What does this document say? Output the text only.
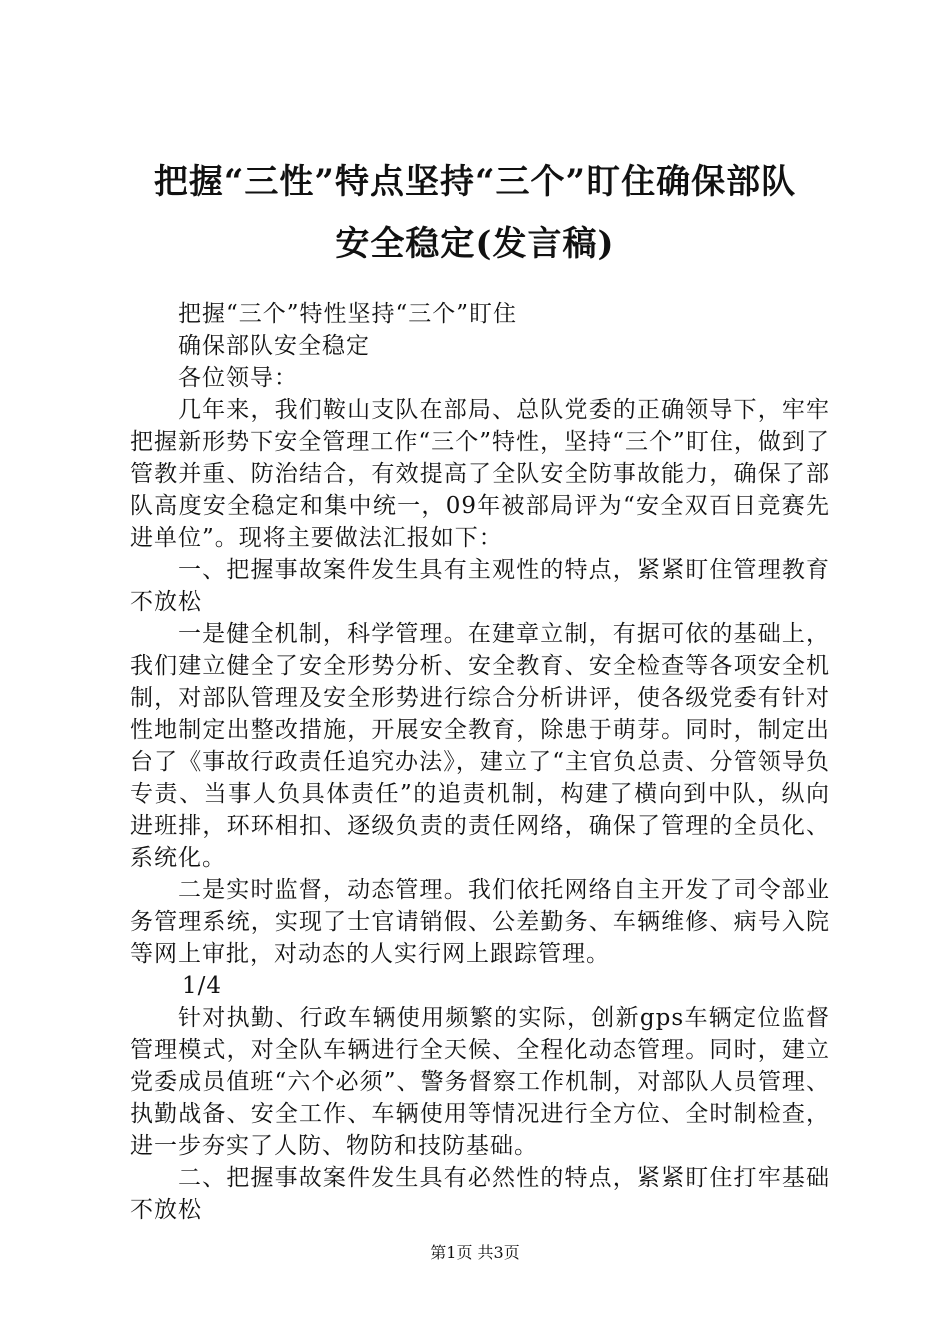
把握“三性”特点坚持“三个”盯住确保部队
安全稳定(发言稿)

把握“三个”特性坚持“三个”盯住

确保部队安全稳定

各位领导：

几年来，我们鞍山支队在部局、总队党委的正确领导下，牢牢把握新形势下安全管理工作“三个”特性，坚持“三个”盯住，做到了管教并重、防治结合，有效提高了全队安全防事故能力，确保了部队高度安全稳定和集中统一，09年被部局评为“安全双百日竞赛先进单位”。现将主要做法汇报如下：

一、把握事故案件发生具有主观性的特点，紧紧盯住管理教育不放松

一是健全机制，科学管理。在建章立制，有据可依的基础上，我们建立健全了安全形势分析、安全教育、安全检查等各项安全机制，对部队管理及安全形势进行综合分析讲评，使各级党委有针对性地制定出整改措施，开展安全教育，除患于萌芽。同时，制定出台了《事故行政责任追究办法》，建立了“主官负总责、分管领导负专责、当事人负具体责任”的追责机制，构建了横向到中队，纵向进班排，环环相扣、逐级负责的责任网络，确保了管理的全员化、系统化。

二是实时监督，动态管理。我们依托网络自主开发了司令部业务管理系统，实现了士官请销假、公差勤务、车辆维修、病号入院等网上审批，对动态的人实行网上跟踪管理。

1/4

针对执勤、行政车辆使用频繁的实际，创新gps车辆定位监督管理模式，对全队车辆进行全天候、全程化动态管理。同时，建立党委成员值班“六个必须”、警务督察工作机制，对部队人员管理、执勤战备、安全工作、车辆使用等情况进行全方位、全时制检查，进一步夯实了人防、物防和技防基础。

二、把握事故案件发生具有必然性的特点，紧紧盯住打牢基础不放松

第1页 共3页
